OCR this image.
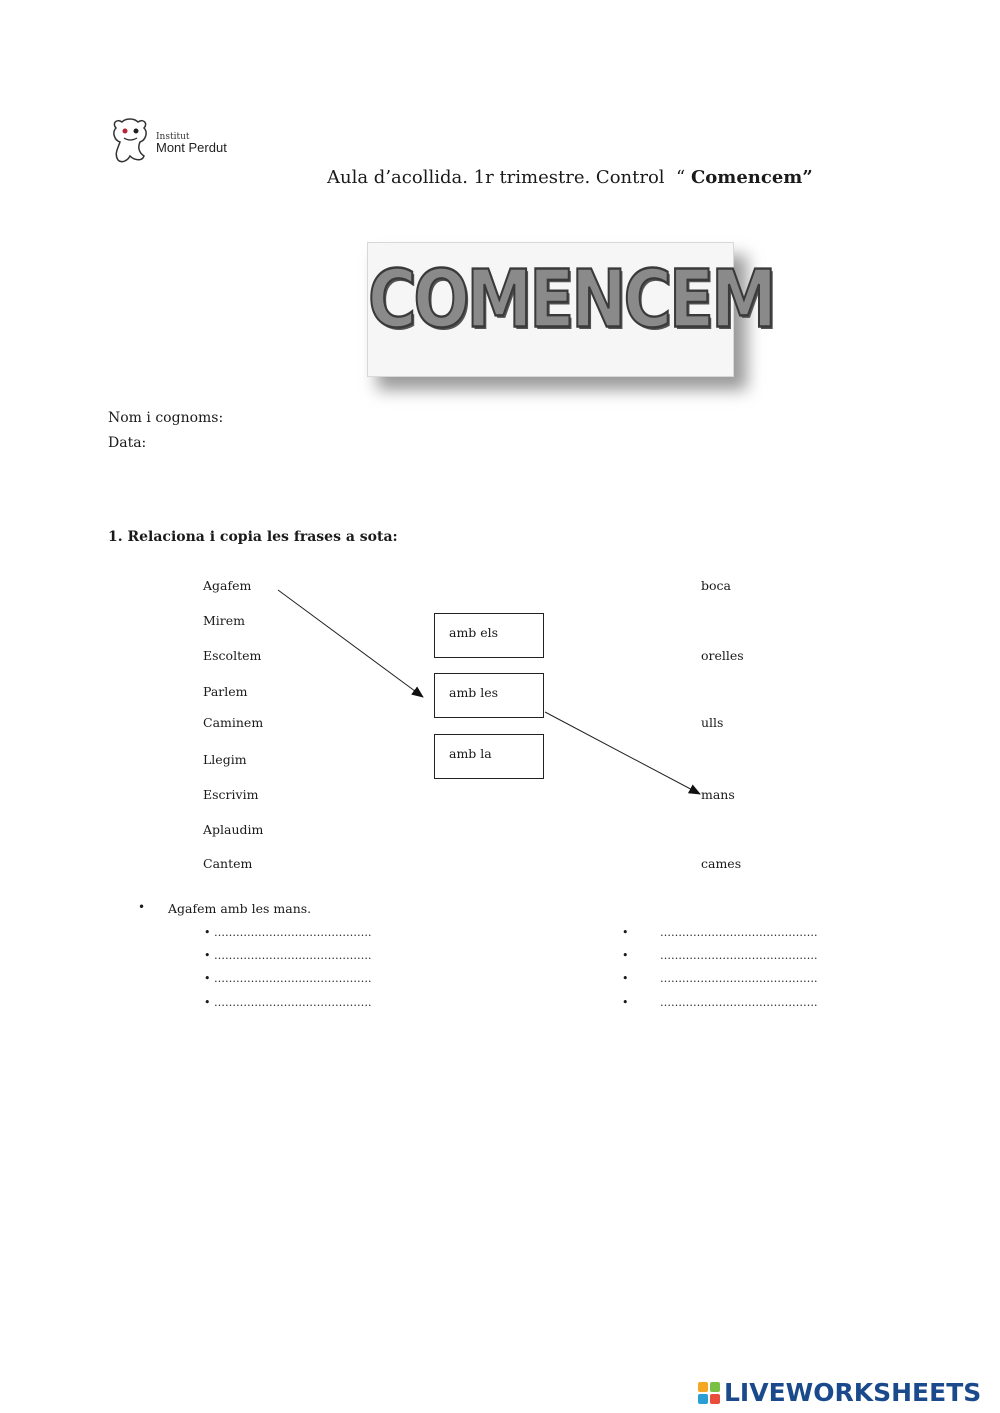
Institut
Mont Perdut
Aula d’acollida. 1r trimestre. Control  “ Comencem”
COMENCEM
Nom i cognoms:
Data:
1. Relaciona i copia les frases a sota:
Agafem
Mirem
Escoltem
Parlem
Caminem
Llegim
Escrivim
Aplaudim
Cantem
amb els
amb les
amb la
boca
orelles
ulls
mans
cames
• Agafem amb les mans.
• …………………………………….
• …………………………………….
• …………………………………….
• …………………………………….
•         …………………………………….
•         …………………………………….
•         …………………………………….
•         …………………………………….
LIVEWORKSHEETS
